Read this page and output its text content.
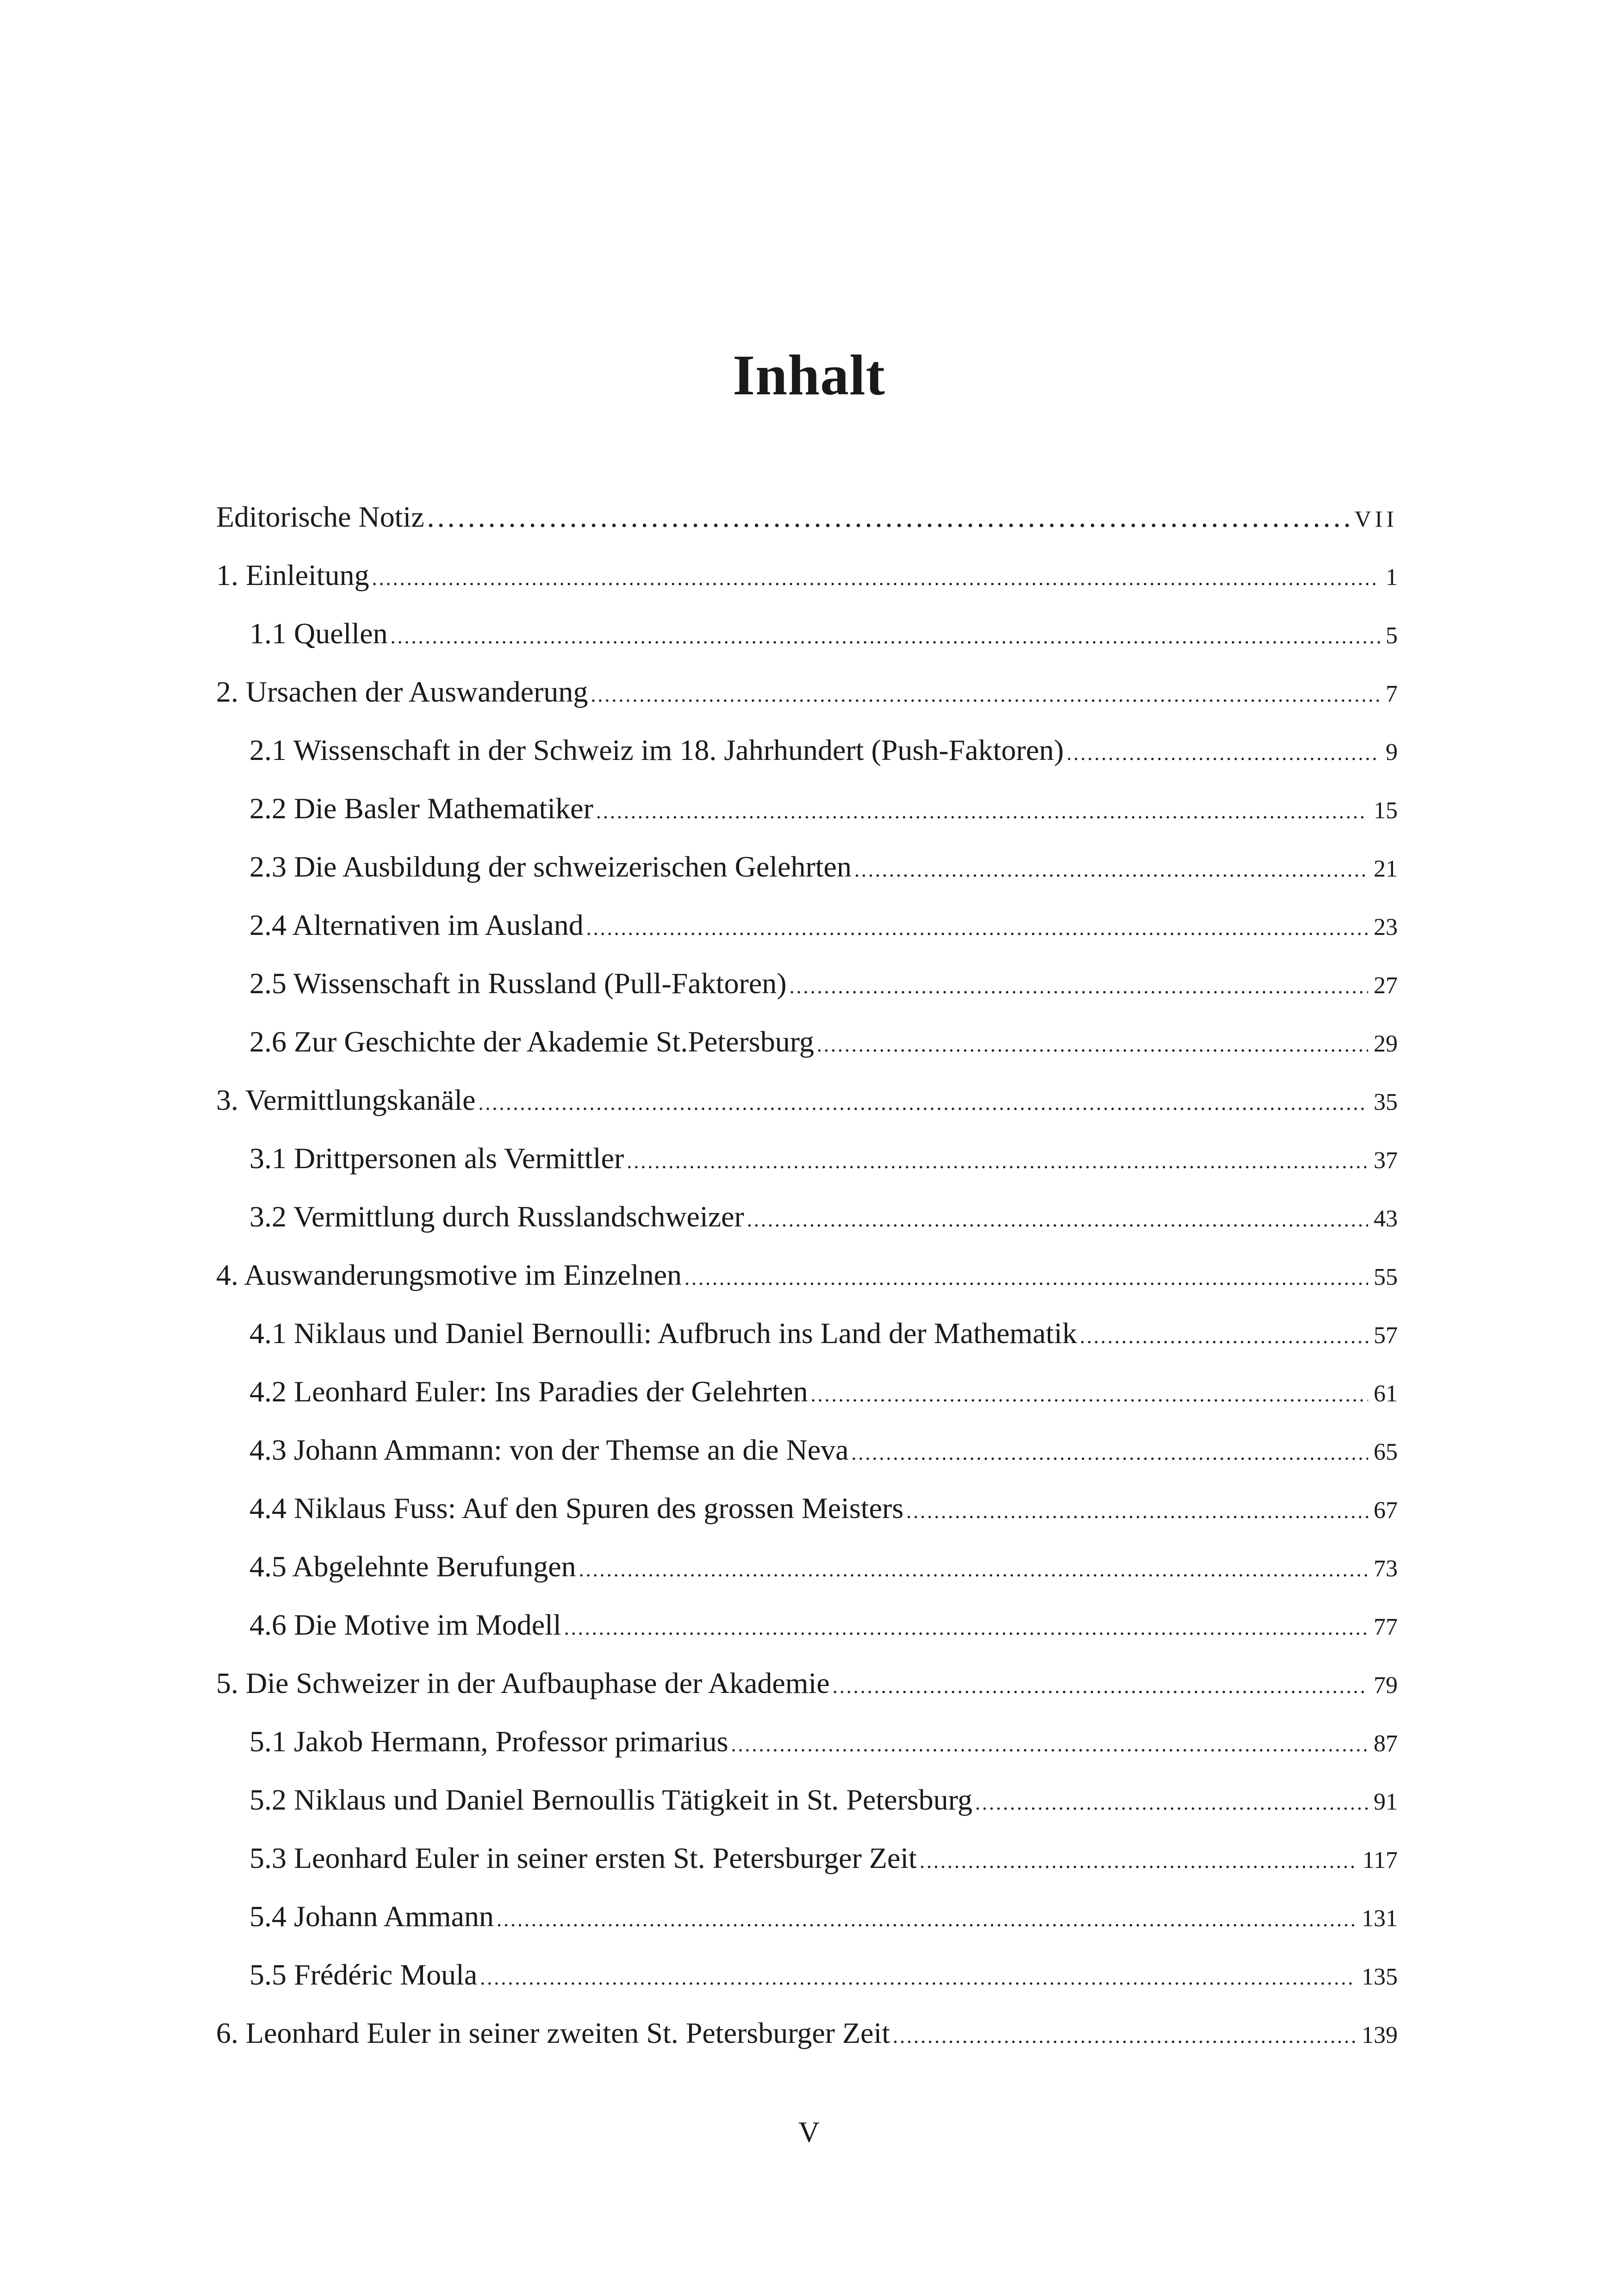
Inhalt
Editorische Notiz .....	VII
1. Einleitung .....	1
1.1 Quellen .....	5
2. Ursachen der Auswanderung .....	7
2.1 Wissenschaft in der Schweiz im 18. Jahrhundert (Push-Faktoren) .....	9
2.2 Die Basler Mathematiker .....	15
2.3 Die Ausbildung der schweizerischen Gelehrten .....	21
2.4 Alternativen im Ausland .....	23
2.5 Wissenschaft in Russland (Pull-Faktoren) .....	27
2.6 Zur Geschichte der Akademie St.Petersburg .....	29
3. Vermittlungskanäle .....	35
3.1 Drittpersonen als Vermittler .....	37
3.2 Vermittlung durch Russlandschweizer .....	43
4. Auswanderungsmotive im Einzelnen .....	55
4.1 Niklaus und Daniel Bernoulli: Aufbruch ins Land der Mathematik .....	57
4.2 Leonhard Euler: Ins Paradies der Gelehrten .....	61
4.3 Johann Ammann: von der Themse an die Neva .....	65
4.4 Niklaus Fuss: Auf den Spuren des grossen Meisters .....	67
4.5 Abgelehnte Berufungen .....	73
4.6 Die Motive im Modell .....	77
5. Die Schweizer in der Aufbauphase der Akademie .....	79
5.1 Jakob Hermann, Professor primarius .....	87
5.2 Niklaus und Daniel Bernoullis Tätigkeit in St. Petersburg .....	91
5.3 Leonhard Euler in seiner ersten St. Petersburger Zeit .....	117
5.4 Johann Ammann .....	131
5.5 Frédéric Moula .....	135
6. Leonhard Euler in seiner zweiten St. Petersburger Zeit .....	139
V
